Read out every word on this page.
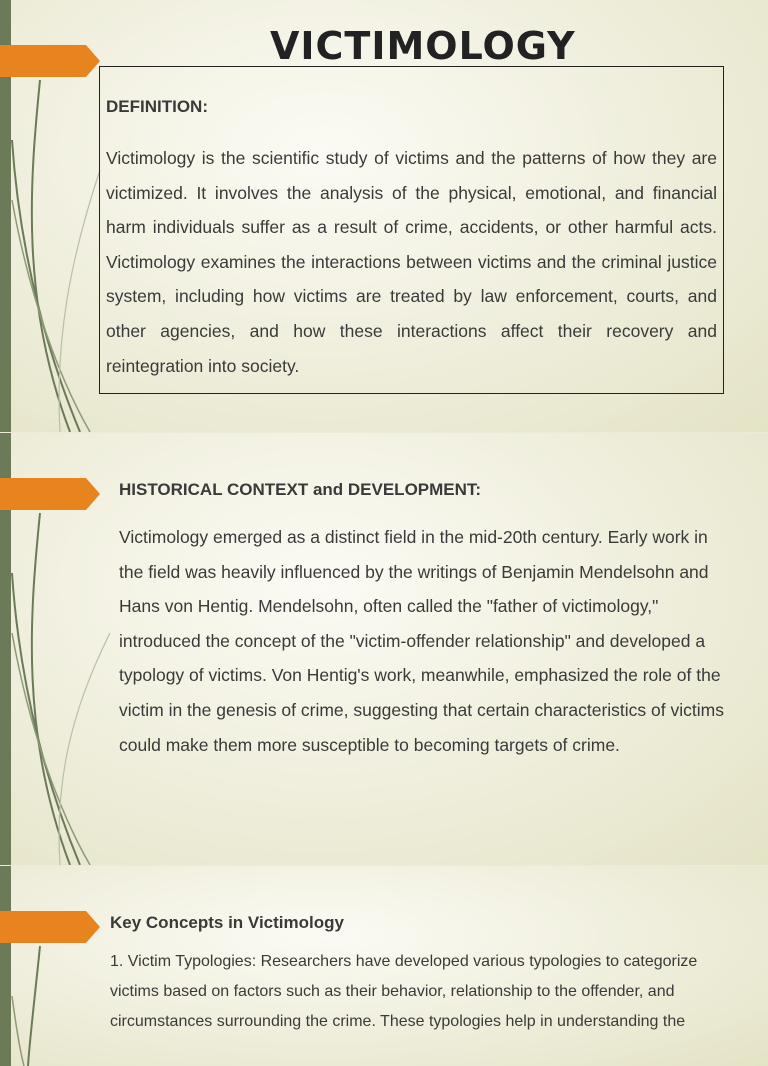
VICTIMOLOGY

DEFINITION:

Victimology is the scientific study of victims and the patterns of how they are victimized. It involves the analysis of the physical, emotional, and financial harm individuals suffer as a result of crime, accidents, or other harmful acts. Victimology examines the interactions between victims and the criminal justice system, including how victims are treated by law enforcement, courts, and other agencies, and how these interactions affect their recovery and reintegration into society.

HISTORICAL CONTEXT and DEVELOPMENT:

Victimology emerged as a distinct field in the mid-20th century. Early work in the field was heavily influenced by the writings of Benjamin Mendelsohn and Hans von Hentig. Mendelsohn, often called the "father of victimology," introduced the concept of the "victim-offender relationship" and developed a typology of victims. Von Hentig's work, meanwhile, emphasized the role of the victim in the genesis of crime, suggesting that certain characteristics of victims could make them more susceptible to becoming targets of crime.

Key Concepts in Victimology

1. Victim Typologies: Researchers have developed various typologies to categorize victims based on factors such as their behavior, relationship to the offender, and circumstances surrounding the crime. These typologies help in understanding the
